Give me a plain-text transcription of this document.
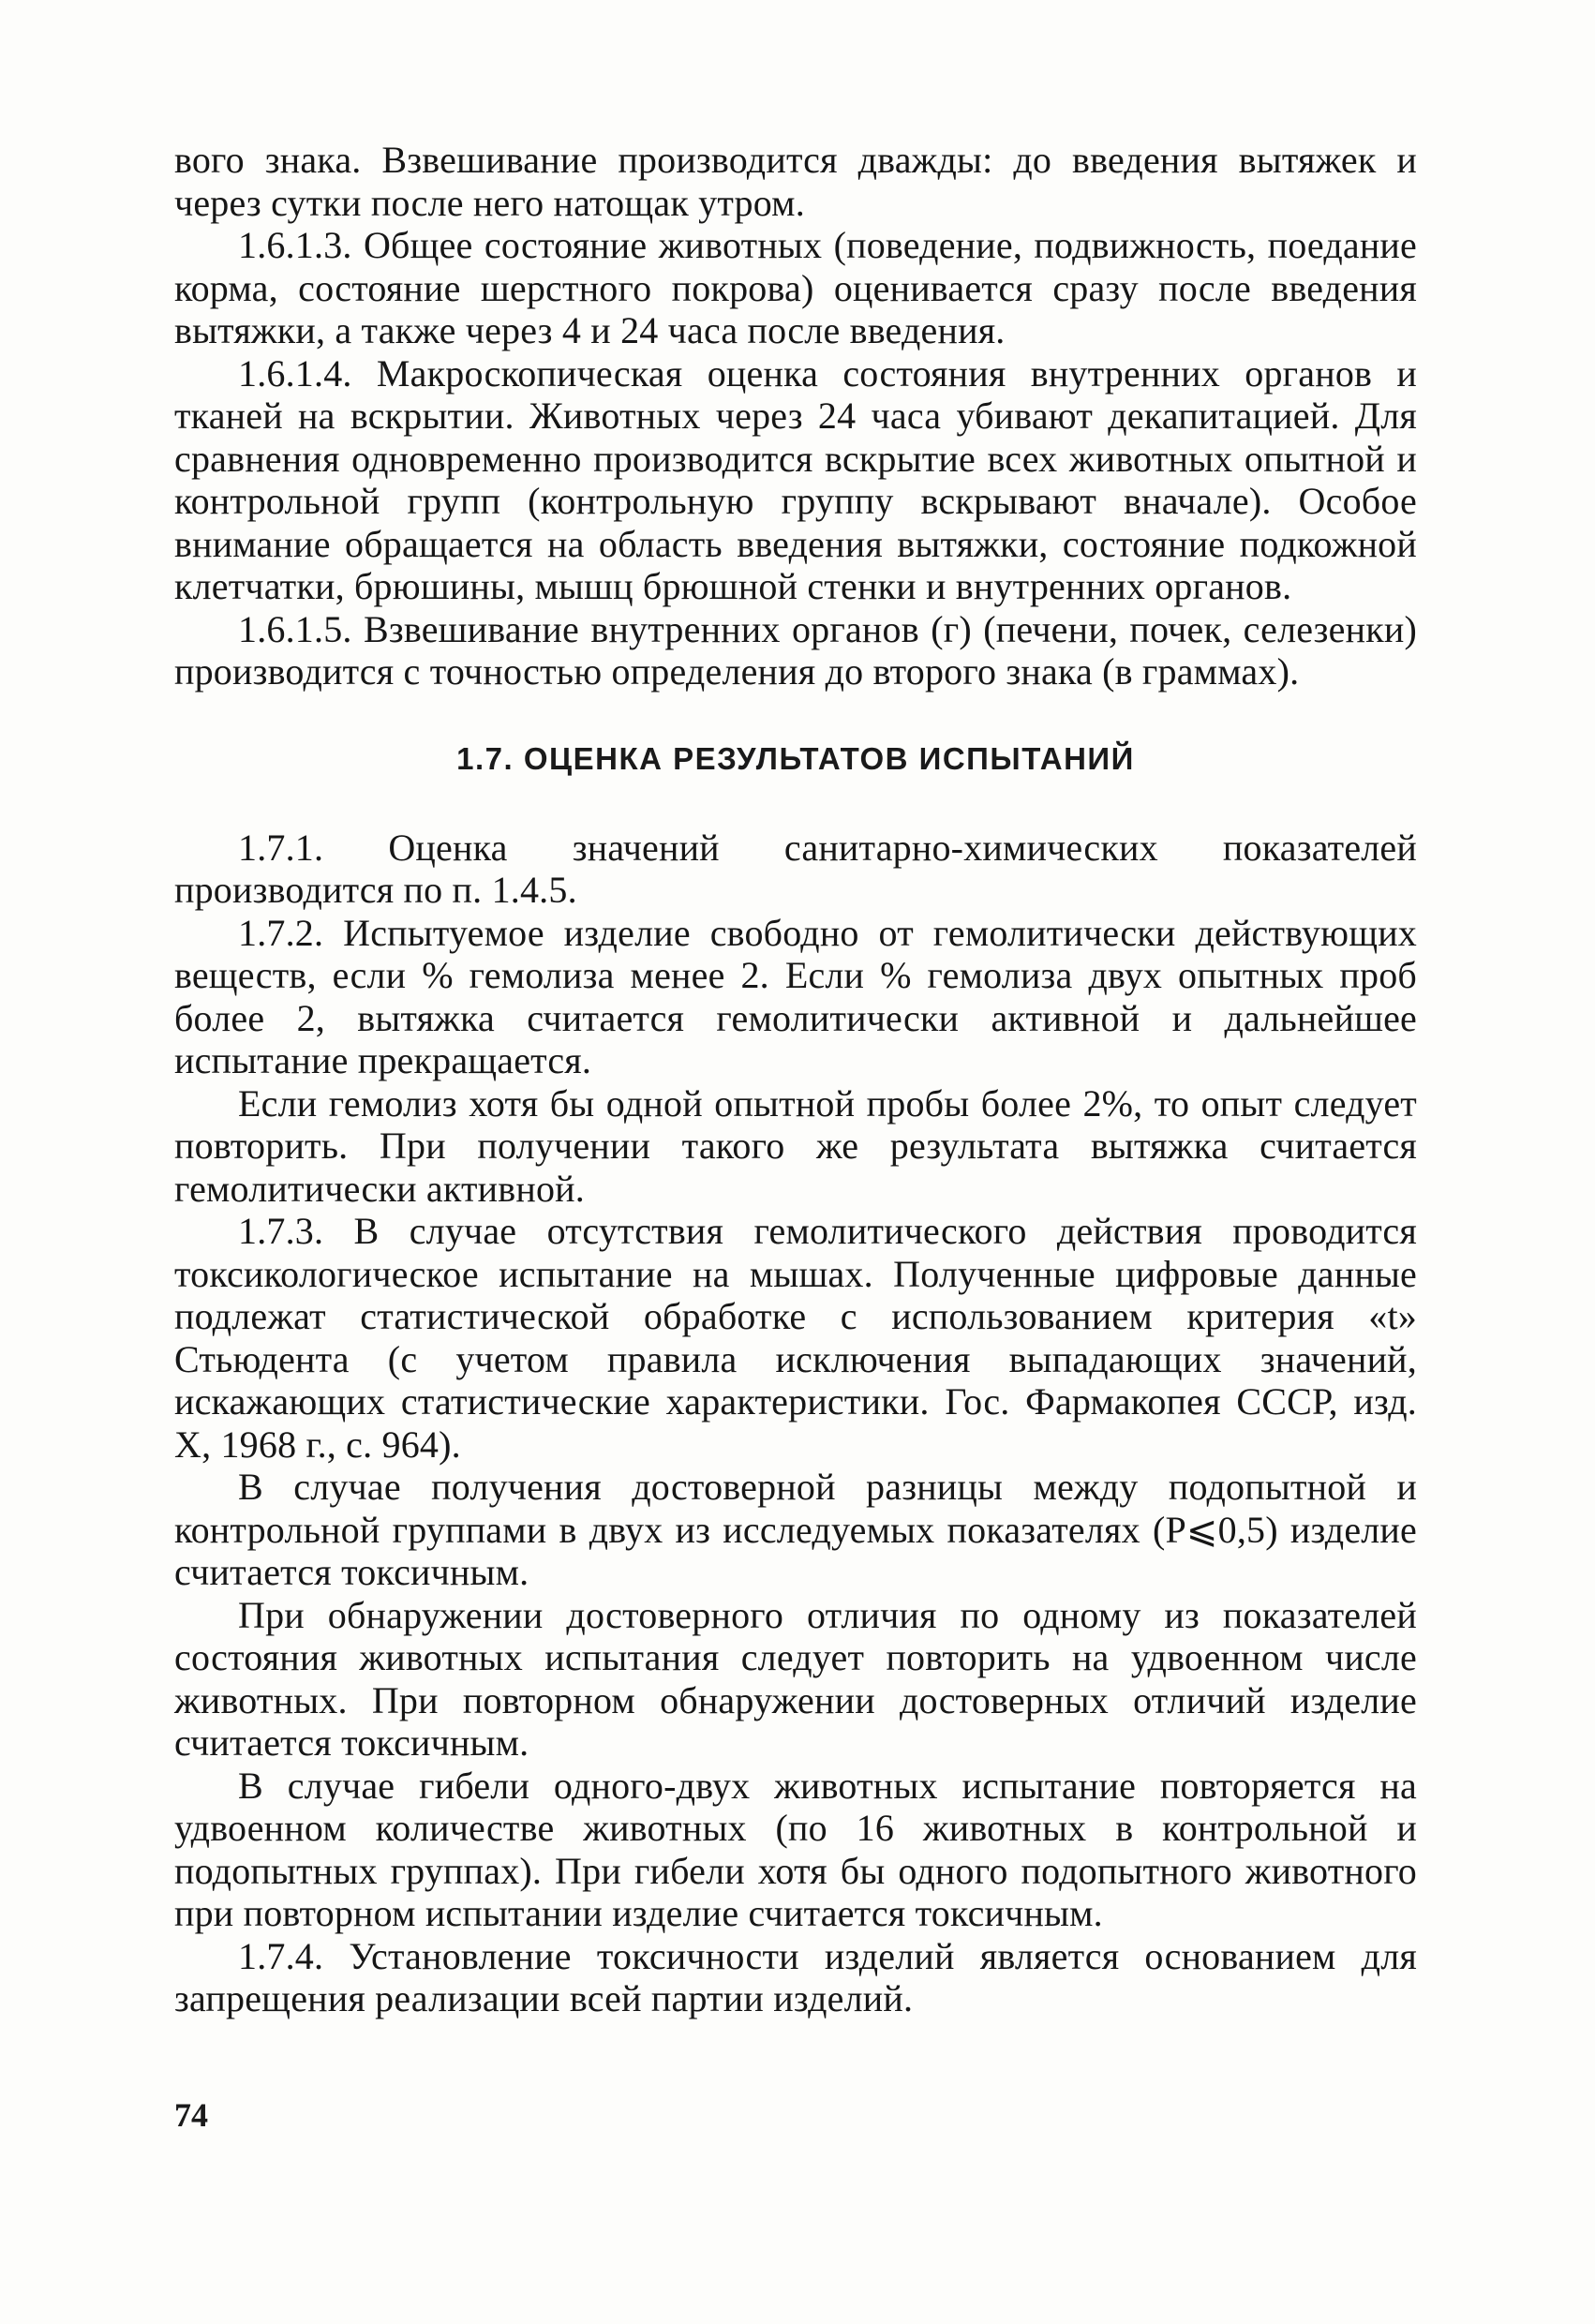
вого знака. Взвешивание производится дважды: до введения вытяжек и через сутки после него натощак утром.

1.6.1.3. Общее состояние животных (поведение, подвижность, поедание корма, состояние шерстного покрова) оценивается сразу после введения вытяжки, а также через 4 и 24 часа после введения.

1.6.1.4. Макроскопическая оценка состояния внутренних органов и тканей на вскрытии. Животных через 24 часа убивают декапитацией. Для сравнения одновременно производится вскрытие всех животных опытной и контрольной групп (контрольную группу вскрывают вначале). Особое внимание обращается на область введения вытяжки, состояние подкожной клетчатки, брюшины, мышц брюшной стенки и внутренних органов.

1.6.1.5. Взвешивание внутренних органов (г) (печени, почек, селезенки) производится с точностью определения до второго знака (в граммах).

1.7. ОЦЕНКА РЕЗУЛЬТАТОВ ИСПЫТАНИЙ

1.7.1. Оценка значений санитарно-химических показателей производится по п. 1.4.5.

1.7.2. Испытуемое изделие свободно от гемолитически действующих веществ, если % гемолиза менее 2. Если % гемолиза двух опытных проб более 2, вытяжка считается гемолитически активной и дальнейшее испытание прекращается.

Если гемолиз хотя бы одной опытной пробы более 2%, то опыт следует повторить. При получении такого же результата вытяжка считается гемолитически активной.

1.7.3. В случае отсутствия гемолитического действия проводится токсикологическое испытание на мышах. Полученные цифровые данные подлежат статистической обработке с использованием критерия «t» Стьюдента (с учетом правила исключения выпадающих значений, искажающих статистические характеристики. Гос. Фармакопея СССР, изд. X, 1968 г., с. 964).

В случае получения достоверной разницы между подопытной и контрольной группами в двух из исследуемых показателях (P⩽0,5) изделие считается токсичным.

При обнаружении достоверного отличия по одному из показателей состояния животных испытания следует повторить на удвоенном числе животных. При повторном обнаружении достоверных отличий изделие считается токсичным.

В случае гибели одного-двух животных испытание повторяется на удвоенном количестве животных (по 16 животных в контрольной и подопытных группах). При гибели хотя бы одного подопытного животного при повторном испытании изделие считается токсичным.

1.7.4. Установление токсичности изделий является основанием для запрещения реализации всей партии изделий.

74
